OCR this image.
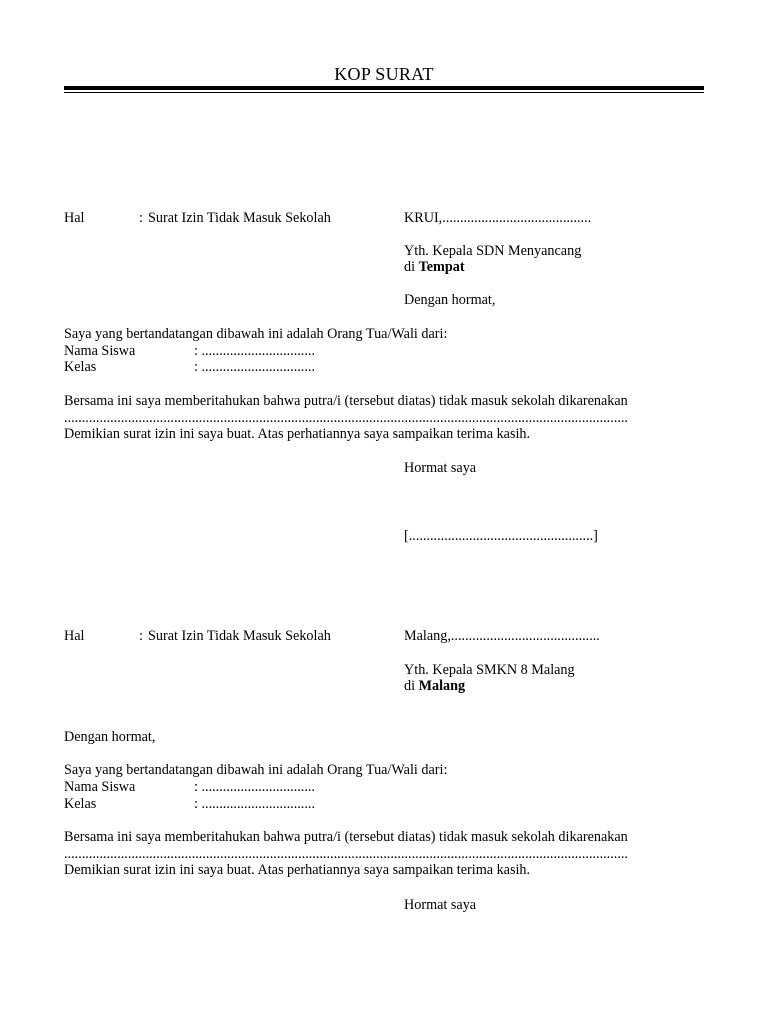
KOP SURAT
Hal	: Surat Izin Tidak Masuk Sekolah	KRUI,..........................................
Yth. Kepala SDN Menyancang
di Tempat
Dengan hormat,
Saya yang bertandatangan dibawah ini adalah Orang Tua/Wali dari:
Nama Siswa	: ................................
Kelas	: ................................
Bersama ini saya memberitahukan bahwa putra/i (tersebut diatas) tidak masuk sekolah dikarenakan
...............................................................................................................................................................
Demikian surat izin ini saya buat. Atas perhatiannya saya sampaikan terima kasih.
Hormat saya
[....................................................]
Hal	: Surat Izin Tidak Masuk Sekolah	Malang,..........................................
Yth. Kepala SMKN 8 Malang
di Malang
Dengan hormat,
Saya yang bertandatangan dibawah ini adalah Orang Tua/Wali dari:
Nama Siswa	: ................................
Kelas	: ................................
Bersama ini saya memberitahukan bahwa putra/i (tersebut diatas) tidak masuk sekolah dikarenakan
...............................................................................................................................................................
Demikian surat izin ini saya buat. Atas perhatiannya saya sampaikan terima kasih.
Hormat saya
